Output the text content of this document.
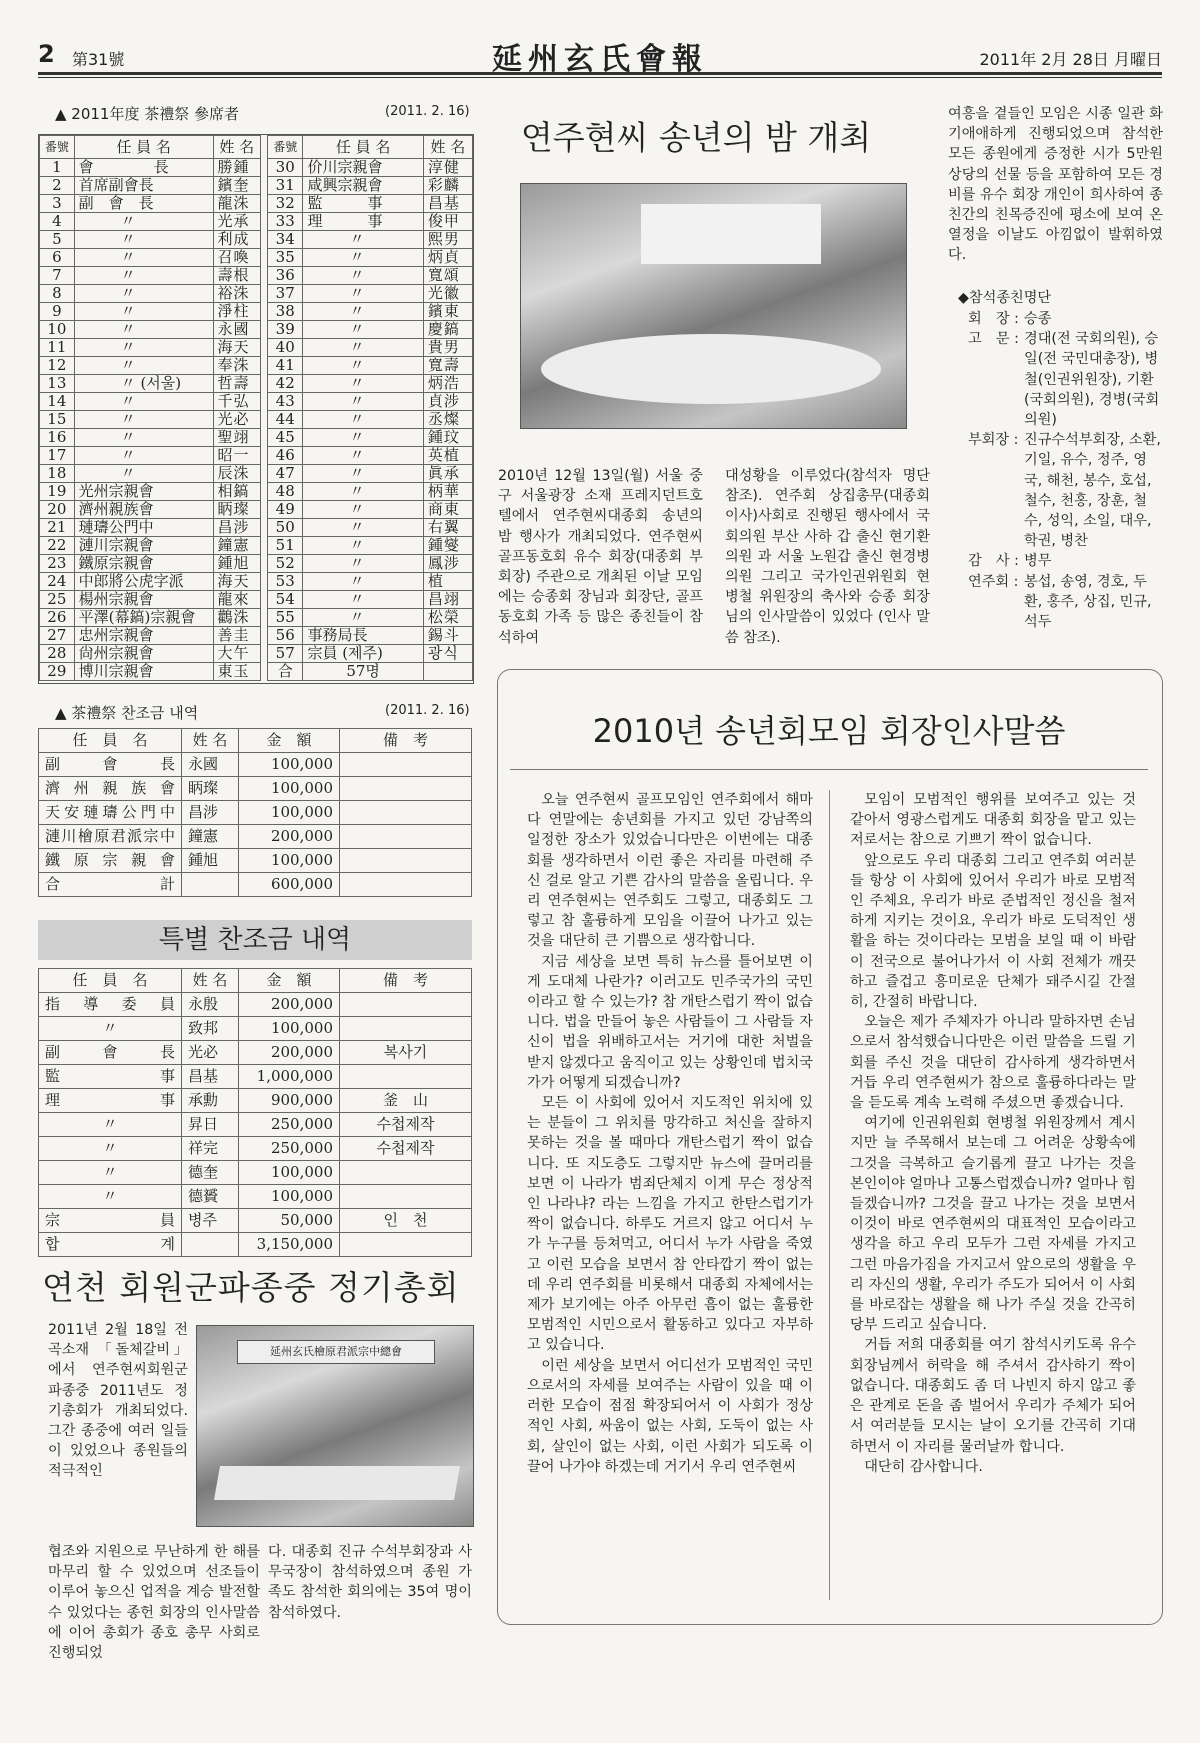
2 第31號	延州玄氏會報	2011年 2月 28日 月曜日
▲ 2011年度 茶禮祭 參席者	(2011. 2. 16)
番號	任 員 名	姓 名
1	會　　　　長	勝鍾
2	首席副會長	鑌奎
3	副　會　長	龍洙
4	〃	光承
5	〃	利成
6	〃	召喚
7	〃	壽根
8	〃	裕洙
9	〃	淨柱
10	〃	永國
11	〃	海天
12	〃	奉洙
13	〃 (서울)	哲壽
14	〃	千弘
15	〃	光必
16	〃	聖翊
17	〃	昭一
18	〃	辰洙
19	光州宗親會	相鎬
20	濟州親族會	眪璨
21	璉璹公門中	昌涉
22	漣川宗親會	鐘憲
23	鐵原宗親會	鍾旭
24	中郎將公虎字派	海天
25	楊州宗親會	龍來
26	平澤(幕鎬)宗親會	鸛洙
27	忠州宗親會	善圭
28	尙州宗親會	大午
29	博川宗親會	東玉
番號	任 員 名	姓 名
30	价川宗親會	淳健
31	咸興宗親會	彩麟
32	監　　　事	昌基
33	理　　　事	俊甲
34	〃	熙男
35	〃	炳貞
36	〃	寬頌
37	〃	光徽
38	〃	鑌東
39	〃	慶鎬
40	〃	貴男
41	〃	寬壽
42	〃	炳浩
43	〃	貞涉
44	〃	丞燦
45	〃	鍾玟
46	〃	英植
47	〃	眞承
48	〃	柄華
49	〃	商東
50	〃	右翼
51	〃	鍾燮
52	〃	鳳涉
53	〃	植
54	〃	昌翊
55	〃	松榮
56	事務局長	錫斗
57	宗員 (제주)	광식
合	57명	
▲ 茶禮祭 찬조금 내역	(2011. 2. 16)
任　員　名	姓 名	金　額	備　考
副　會　長	永國	100,000	
濟州親族會	眪璨	100,000	
天安璉璹公門中	昌涉	100,000	
漣川檜原君派宗中	鐘憲	200,000	
鐵原宗親會	鍾旭	100,000	
合　　　計		600,000	
특별 찬조금 내역
任　員　名	姓 名	金　額	備　考
指導委員	永殷	200,000	
〃	致邦	100,000	
副　會　長	光必	200,000	복사기
監　　　事	昌基	1,000,000	
理　　　事	承勳	900,000	釜　山
〃	昇日	250,000	수첩제작
〃	祥完	250,000	수첩제작
〃	德奎	100,000	
〃	德贇	100,000	
宗　　　員	병주	50,000	인　천
합　　　계		3,150,000	
연천 회원군파종중 정기총회
2011년 2월 18일 전곡소재 「돌체갈비」에서 연주현씨회원군파종중 2011년도 정기총회가 개최되었다. 그간 종중에 여러 일들이 있었으나 종원들의 적극적인
延州玄氏檜原君派宗中總會
협조와 지원으로 무난하게 한 해를 마무리 할 수 있었으며 선조들이 이루어 놓으신 업적을 계승 발전할 수 있었다는 종헌 회장의 인사말씀에 이어 총회가 종호 총무 사회로 진행되었
다. 대종회 진규 수석부회장과 사무국장이 참석하였으며 종원 가족도 참석한 회의에는 35여 명이 참석하였다.
연주현씨 송년의 밤 개최
2010년 12월 13일(월) 서울 중구 서울광장 소재 프레지던트호텔에서 연주현씨대종회 송년의 밤 행사가 개최되었다. 연주현씨 골프동호회 유수 회장(대종회 부회장) 주관으로 개최된 이날 모임에는 승종회 장님과 회장단, 골프동호회 가족 등 많은 종친들이 참석하여
대성황을 이루었다(참석자 명단 참조). 연주회 상집총무(대종회 이사)사회로 진행된 행사에서 국회의원 부산 사하 갑 출신 현기환 의원 과 서울 노원갑 출신 현경병 의원 그리고 국가인권위원회 현병철 위원장의 축사와 승종 회장님의 인사말씀이 있었다 (인사 말씀 참조).
여흥을 곁들인 모임은 시종 일관 화기애애하게 진행되었으며 참석한 모든 종원에게 증정한 시가 5만원 상당의 선물 등을 포함하여 모든 경비를 유수 회장 개인이 희사하여 종친간의 친목증진에 평소에 보여 온 열정을 이날도 아낌없이 발휘하였다.
◆참석종친명단
회　장 : 승종
고　문 : 경대(전 국회의원), 승일(전 국민대총장), 병철(인권위원장), 기환(국회의원), 경병(국회의원)
부회장 : 진규수석부회장, 소환, 기일, 유수, 정주, 영국, 해천, 봉수, 호섭, 철수, 천홍, 장훈, 철수, 성익, 소일, 대우, 학권, 병찬
감　사 : 병무
연주회 : 봉섭, 송영, 경호, 두환, 홍주, 상집, 민규, 석두
2010년 송년회모임 회장인사말씀

오늘 연주현씨 골프모임인 연주회에서 해마다 연말에는 송년회를 가지고 있던 강남쪽의 일정한 장소가 있었습니다만은 이번에는 대종회를 생각하면서 이런 좋은 자리를 마련해 주신 걸로 알고 기쁜 감사의 말씀을 올립니다. 우리 연주현씨는 연주회도 그렇고, 대종회도 그렇고 참 훌륭하게 모임을 이끌어 나가고 있는 것을 대단히 큰 기쁨으로 생각합니다.

지금 세상을 보면 특히 뉴스를 틀어보면 이게 도대체 나란가? 이러고도 민주국가의 국민이라고 할 수 있는가? 참 개탄스럽기 짝이 없습니다. 법을 만들어 놓은 사람들이 그 사람들 자신이 법을 위배하고서는 거기에 대한 처벌을 받지 않겠다고 움직이고 있는 상황인데 법치국가가 어떻게 되겠습니까?

모든 이 사회에 있어서 지도적인 위치에 있는 분들이 그 위치를 망각하고 처신을 잘하지 못하는 것을 볼 때마다 개탄스럽기 짝이 없습니다. 또 지도층도 그렇지만 뉴스에 끌머리를 보면 이 나라가 범죄단체지 이게 무슨 정상적인 나라냐? 라는 느낌을 가지고 한탄스럽기가 짝이 없습니다. 하루도 거르지 않고 어디서 누가 누구를 등쳐먹고, 어디서 누가 사람을 죽였고 이런 모습을 보면서 참 안타깝기 짝이 없는데 우리 연주회를 비롯해서 대종회 자체에서는 제가 보기에는 아주 아무런 흠이 없는 훌륭한 모범적인 시민으로서 활동하고 있다고 자부하고 있습니다.

이런 세상을 보면서 어디선가 모범적인 국민으로서의 자세를 보여주는 사람이 있을 때 이러한 모습이 점점 확장되어서 이 사회가 정상적인 사회, 싸움이 없는 사회, 도둑이 없는 사회, 살인이 없는 사회, 이런 사회가 되도록 이끌어 나가야 하겠는데 거기서 우리 연주현씨

모임이 모범적인 행위를 보여주고 있는 것 같아서 영광스럽게도 대종회 회장을 맡고 있는 저로서는 참으로 기쁘기 짝이 없습니다.

앞으로도 우리 대종회 그리고 연주회 여러분들 항상 이 사회에 있어서 우리가 바로 모범적인 주체요, 우리가 바로 준법적인 정신을 철저하게 지키는 것이요, 우리가 바로 도덕적인 생활을 하는 것이다라는 모범을 보일 때 이 바람이 전국으로 불어나가서 이 사회 전체가 깨끗하고 즐겁고 흥미로운 단체가 돼주시길 간절히, 간절히 바랍니다.

오늘은 제가 주체자가 아니라 말하자면 손님으로서 참석했습니다만은 이런 말씀을 드릴 기회를 주신 것을 대단히 감사하게 생각하면서 거듭 우리 연주현씨가 참으로 훌륭하다라는 말을 듣도록 계속 노력해 주셨으면 좋겠습니다.

여기에 인권위원회 현병철 위원장께서 계시지만 늘 주목해서 보는데 그 어려운 상황속에 그것을 극복하고 슬기롭게 끌고 나가는 것을 본인이야 얼마나 고통스럽겠습니까? 얼마나 힘들겠습니까? 그것을 끌고 나가는 것을 보면서 이것이 바로 연주현씨의 대표적인 모습이라고 생각을 하고 우리 모두가 그런 자세를 가지고 그런 마음가짐을 가지고서 앞으로의 생활을 우리 자신의 생활, 우리가 주도가 되어서 이 사회를 바로잡는 생활을 해 나가 주실 것을 간곡히 당부 드리고 싶습니다.

거듭 저희 대종회를 여기 참석시키도록 유수회장님께서 허락을 해 주셔서 감사하기 짝이 없습니다. 대종회도 좀 더 나빈지 하지 않고 좋은 관계로 돈을 좀 벌어서 우리가 주체가 되어서 여러분들 모시는 날이 오기를 간곡히 기대하면서 이 자리를 물러날까 합니다.

대단히 감사합니다.
